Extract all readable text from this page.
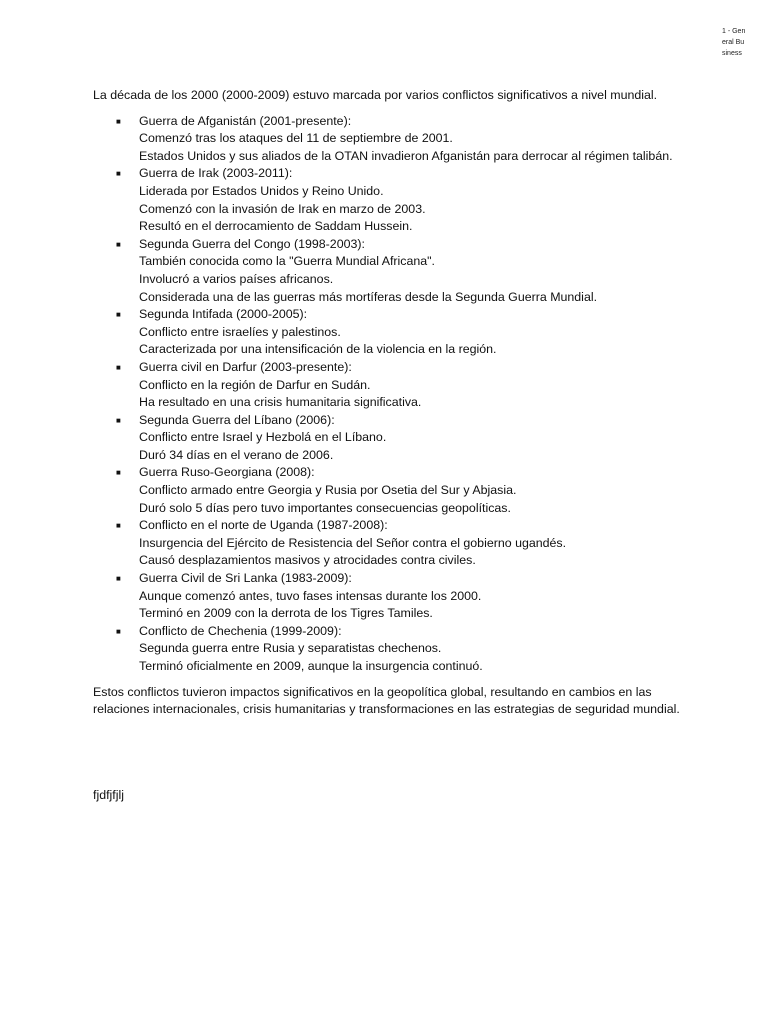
1 - General Business

La década de los 2000 (2000-2009) estuvo marcada por varios conflictos significativos a nivel mundial.

■ Guerra de Afganistán (2001-presente):
Comenzó tras los ataques del 11 de septiembre de 2001.
Estados Unidos y sus aliados de la OTAN invadieron Afganistán para derrocar al régimen talibán.
■ Guerra de Irak (2003-2011):
Liderada por Estados Unidos y Reino Unido.
Comenzó con la invasión de Irak en marzo de 2003.
Resultó en el derrocamiento de Saddam Hussein.
■ Segunda Guerra del Congo (1998-2003):
También conocida como la "Guerra Mundial Africana".
Involucró a varios países africanos.
Considerada una de las guerras más mortíferas desde la Segunda Guerra Mundial.
■ Segunda Intifada (2000-2005):
Conflicto entre israelíes y palestinos.
Caracterizada por una intensificación de la violencia en la región.
■ Guerra civil en Darfur (2003-presente):
Conflicto en la región de Darfur en Sudán.
Ha resultado en una crisis humanitaria significativa.
■ Segunda Guerra del Líbano (2006):
Conflicto entre Israel y Hezbolá en el Líbano.
Duró 34 días en el verano de 2006.
■ Guerra Ruso-Georgiana (2008):
Conflicto armado entre Georgia y Rusia por Osetia del Sur y Abjasia.
Duró solo 5 días pero tuvo importantes consecuencias geopolíticas.
■ Conflicto en el norte de Uganda (1987-2008):
Insurgencia del Ejército de Resistencia del Señor contra el gobierno ugandés.
Causó desplazamientos masivos y atrocidades contra civiles.
■ Guerra Civil de Sri Lanka (1983-2009):
Aunque comenzó antes, tuvo fases intensas durante los 2000.
Terminó en 2009 con la derrota de los Tigres Tamiles.
■ Conflicto de Chechenia (1999-2009):
Segunda guerra entre Rusia y separatistas chechenos.
Terminó oficialmente en 2009, aunque la insurgencia continuó.

Estos conflictos tuvieron impactos significativos en la geopolítica global, resultando en cambios en las relaciones internacionales, crisis humanitarias y transformaciones en las estrategias de seguridad mundial.

fjdfjfjlj
